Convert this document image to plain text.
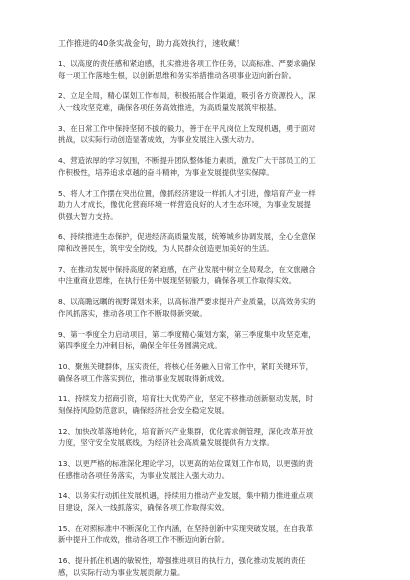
工作推进的40条实战金句，助力高效执行，速收藏！
1、以高度的责任感和紧迫感，扎实推进各项工作任务，以高标准、严要求确保
每一项工作落地生根，以创新思维和务实举措推动各项事业迈向新台阶。
2、立足全局，精心谋划工作布局，积极拓展合作渠道，吸引各方资源投入，深
入一线攻坚克难，确保各项任务高效推进，为高质量发展筑牢根基。
3、在日常工作中保持坚韧不拔的毅力，善于在平凡岗位上发现机遇，勇于面对
挑战，以实际行动创造显著成效，为事业发展注入强大动力。
4、营造浓厚的学习氛围，不断提升团队整体能力素质，激发广大干部员工的工
作积极性，培养追求卓越的奋斗精神，为事业发展提供坚实保障。
5、将人才工作摆在突出位置，像抓经济建设一样抓人才引进，像培育产业一样
助力人才成长，像优化营商环境一样营造良好的人才生态环境，为事业发展提
供强大智力支持。
6、持续推进生态保护，促进经济高质量发展，统筹城乡协调发展，全心全意保
障和改善民生，筑牢安全防线，为人民群众创造更加美好的生活。
7、在推动发展中保持高度的紧迫感，在产业发展中树立全局观念，在文旅融合
中注重商业思维，在执行任务中展现坚韧毅力，确保各项工作取得实效。
8、以高瞻远瞩的视野谋划未来，以高标准严要求提升产业质量，以高效务实的
作风抓落实，推动各项工作不断取得新突破。
9、第一季度全力启动项目，第二季度精心策划方案，第三季度集中攻坚克难，
第四季度全力冲刺目标，确保全年任务圆满完成。
10、聚焦关键群体，压实责任，将核心任务融入日常工作中，紧盯关键环节，
确保各项工作落实到位，推动事业发展取得新成效。
11、持续发力招商引资，培育壮大优势产业，坚定不移推动创新驱动发展，时
刻保持风险防范意识，确保经济社会安全稳定发展。
12、加快改革落地转化，培育新兴产业集群，优化需求侧管理，深化改革开放
力度，坚守安全发展底线，为经济社会高质量发展提供有力支撑。
13、以更严格的标准深化理论学习，以更高的站位谋划工作布局，以更强的责
任感推动各项任务落实，为事业发展注入强大动力。
14、以务实行动抓住发展机遇，持续用力推动产业发展，集中精力推进重点项
目建设，深入一线抓落实，确保各项工作取得实效。
15、在对照标准中不断深化工作内涵，在坚持创新中实现突破发展，在自我革
新中提升工作成效，推动各项工作不断迈向新台阶。
16、提升抓住机遇的敏锐性，增强推进项目的执行力，强化推动发展的责任
感，以实际行动为事业发展贡献力量。
